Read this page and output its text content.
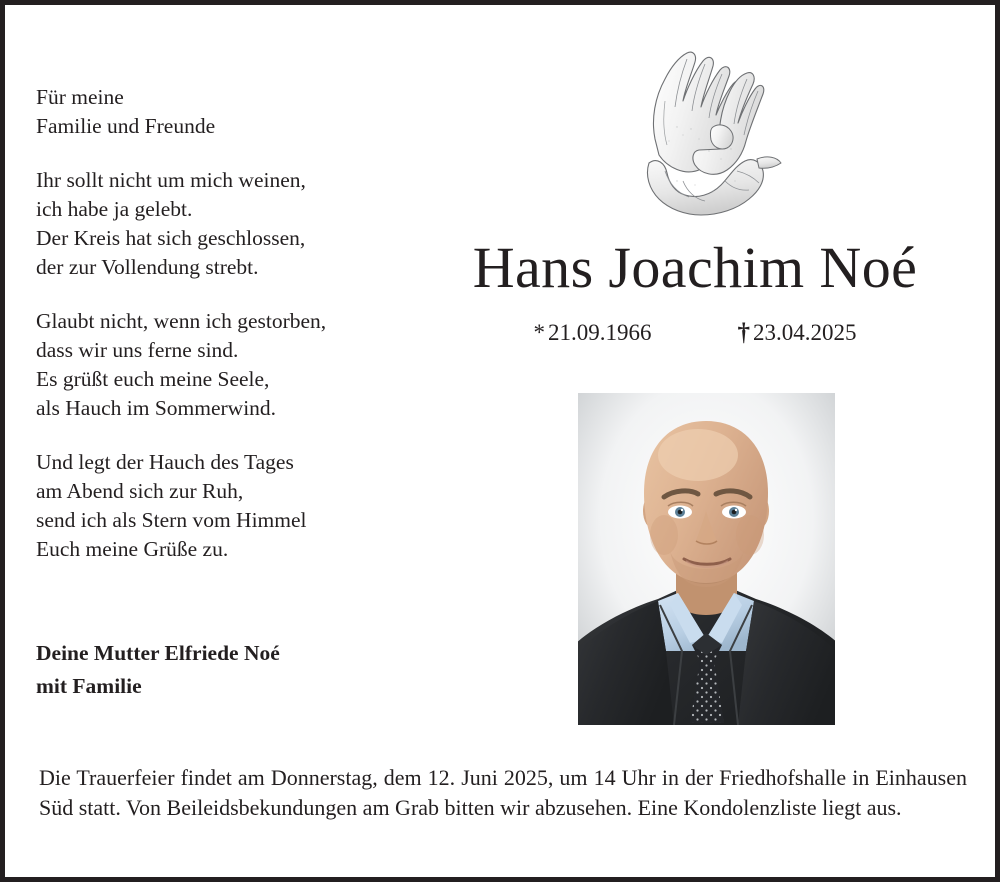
Für meine
Familie und Freunde
Ihr sollt nicht um mich weinen,
ich habe ja gelebt.
Der Kreis hat sich geschlossen,
der zur Vollendung strebt.
Glaubt nicht, wenn ich gestorben,
dass wir uns ferne sind.
Es grüßt euch meine Seele,
als Hauch im Sommerwind.
Und legt der Hauch des Tages
am Abend sich zur Ruh,
send ich als Stern vom Himmel
Euch meine Grüße zu.
Deine Mutter Elfriede Noé
mit Familie
Hans Joachim Noé
* 21.09.1966	† 23.04.2025

Die Trauerfeier findet am Donnerstag, dem 12. Juni 2025, um 14 Uhr in der Friedhofshalle in Einhausen Süd statt. Von Beileidsbekundungen am Grab bitten wir abzusehen. Eine Kondolenzliste liegt aus.
